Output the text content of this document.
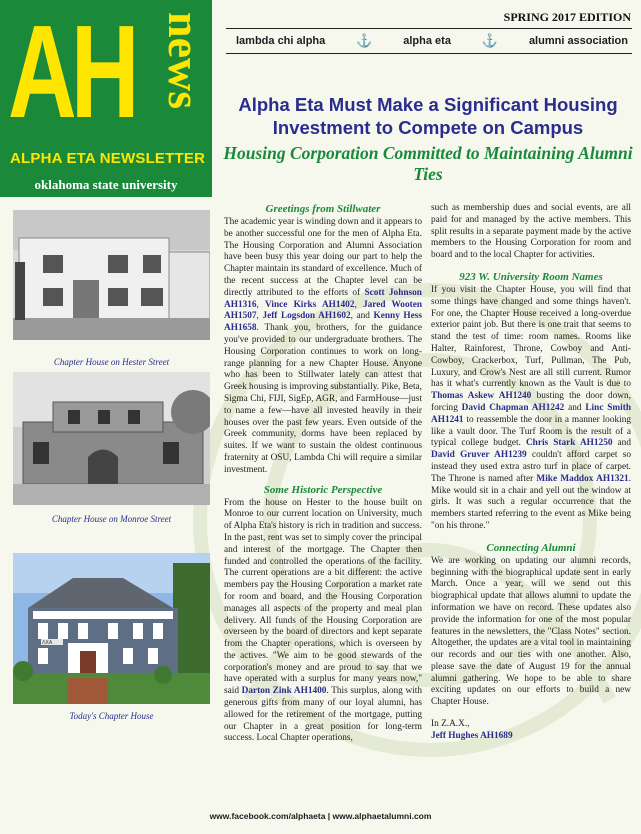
AH news
ALPHA ETA NEWSLETTER
oklahoma state university
SPRING 2017 EDITION
lambda chi alpha ⚓	alpha eta ⚓	alumni association
Alpha Eta Must Make a Significant Housing Investment to Compete on Campus
Housing Corporation Committed to Maintaining Alumni Ties
Chapter House on Hester Street
Chapter House on Monroe Street
ΛΧΑ
Today's Chapter House
Greetings from Stillwater

The academic year is winding down and it appears to be another successful one for the men of Alpha Eta. The Housing Corporation and Alumni Association have been busy this year doing our part to help the Chapter maintain its standard of excellence. Much of the recent success at the Chapter level can be directly attributed to the efforts of Scott Johnson AH1316, Vince Kirks AH1402, Jared Wooten AH1507, Jeff Logsdon AH1602, and Kenny Hess AH1658. Thank you, brothers, for the guidance you've provided to our undergraduate brothers. The Housing Corporation continues to work on long-range planning for a new Chapter House. Anyone who has been to Stillwater lately can attest that Greek housing is improving substantially. Pike, Beta, Sigma Chi, FIJI, SigEp, AGR, and FarmHouse—just to name a few—have all invested heavily in their houses over the past few years. Even outside of the Greek community, dorms have been replaced by suites. If we want to sustain the oldest continuous fraternity at OSU, Lambda Chi will require a similar investment.

Some Historic Perspective

From the house on Hester to the house built on Monroe to our current location on University, much of Alpha Eta's history is rich in tradition and success. In the past, rent was set to simply cover the principal and interest of the mortgage. The Chapter then funded and controlled the operations of the facility. The current operations are a bit different: the active members pay the Housing Corporation a market rate for room and board, and the Housing Corporation manages all aspects of the property and meal plan delivery. All funds of the Housing Corporation are overseen by the board of directors and kept separate from the Chapter operations, which is overseen by the actives. "We aim to be good stewards of the corporation's money and are proud to say that we have operated with a surplus for many years now," said Darton Zink AH1400. This surplus, along with generous gifts from many of our loyal alumni, has allowed for the retirement of the mortgage, putting our Chapter in a great position for long-term success. Local Chapter operations,

such as membership dues and social events, are all paid for and managed by the active members. This split results in a separate payment made by the active members to the Housing Corporation for room and board and to the local Chapter for activities.

923 W. University Room Names

If you visit the Chapter House, you will find that some things have changed and some things haven't. For one, the Chapter House received a long-overdue exterior paint job. But there is one trait that seems to stand the test of time: room names. Rooms like Halter, Rainforest, Throne, Cowboy and Anti-Cowboy, Crackerbox, Turf, Pullman, The Pub, Luxury, and Crow's Nest are all still current. Rumor has it what's currently known as the Vault is due to Thomas Askew AH1240 busting the door down, forcing David Chapman AH1242 and Linc Smith AH1241 to reassemble the door in a manner looking like a vault door. The Turf Room is the result of a typical college budget. Chris Stark AH1250 and David Gruver AH1239 couldn't afford carpet so instead they used extra astro turf in place of carpet. The Throne is named after Mike Maddox AH1321. Mike would sit in a chair and yell out the window at girls. It was such a regular occurrence that the members started referring to the event as Mike being "on his throne."

Connecting Alumni

We are working on updating our alumni records, beginning with the biographical update sent in early March. Once a year, will we send out this biographical update that allows alumni to update the information we have on record. These updates also provide the information for one of the most popular features in the newsletters, the "Class Notes" section. Altogether, the updates are a vital tool in maintaining our records and our ties with one another. Also, please save the date of August 19 for the annual alumni gathering. We hope to be able to share exciting updates on our efforts to build a new Chapter House.

In Z.A.X.,

Jeff Hughes AH1689

www.facebook.com/alphaeta | www.alphaetalumni.com
